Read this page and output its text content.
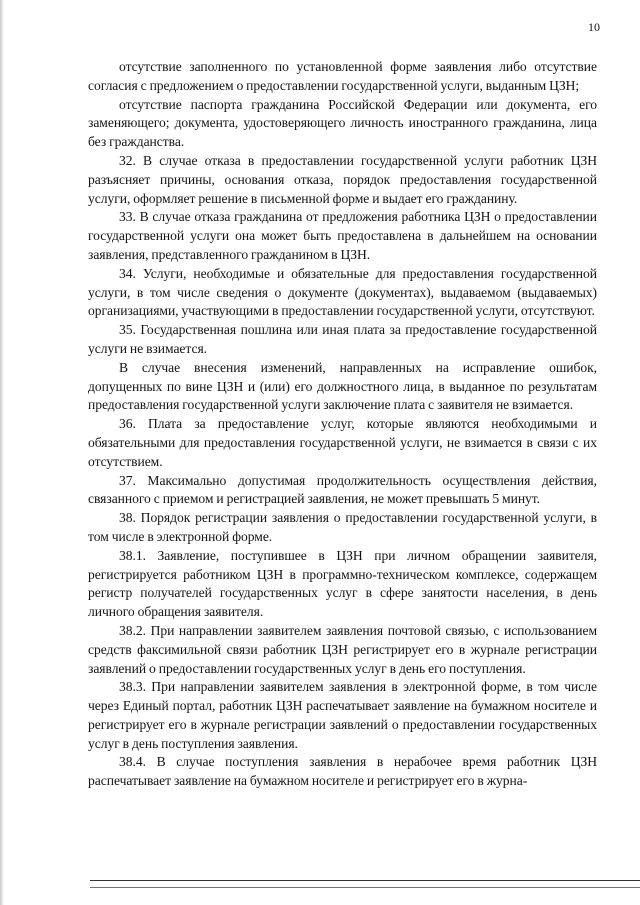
10

отсутствие заполненного по установленной форме заявления либо отсутствие согласия с предложением о предоставлении государственной услуги, выданным ЦЗН;

отсутствие паспорта гражданина Российской Федерации или документа, его заменяющего; документа, удостоверяющего личность иностранного гражданина, лица без гражданства.

32. В случае отказа в предоставлении государственной услуги работник ЦЗН разъясняет причины, основания отказа, порядок предоставления государственной услуги, оформляет решение в письменной форме и выдает его гражданину.

33. В случае отказа гражданина от предложения работника ЦЗН о предоставлении государственной услуги она может быть предоставлена в дальнейшем на основании заявления, представленного гражданином в ЦЗН.

34. Услуги, необходимые и обязательные для предоставления государственной услуги, в том числе сведения о документе (документах), выдаваемом (выдаваемых) организациями, участвующими в предоставлении государственной услуги, отсутствуют.

35. Государственная пошлина или иная плата за предоставление государственной услуги не взимается.

В случае внесения изменений, направленных на исправление ошибок, допущенных по вине ЦЗН и (или) его должностного лица, в выданное по результатам предоставления государственной услуги заключение плата с заявителя не взимается.

36. Плата за предоставление услуг, которые являются необходимыми и обязательными для предоставления государственной услуги, не взимается в связи с их отсутствием.

37. Максимально допустимая продолжительность осуществления действия, связанного с приемом и регистрацией заявления, не может превышать 5 минут.

38. Порядок регистрации заявления о предоставлении государственной услуги, в том числе в электронной форме.

38.1. Заявление, поступившее в ЦЗН при личном обращении заявителя, регистрируется работником ЦЗН в программно-техническом комплексе, содержащем регистр получателей государственных услуг в сфере занятости населения, в день личного обращения заявителя.

38.2. При направлении заявителем заявления почтовой связью, с использованием средств факсимильной связи работник ЦЗН регистрирует его в журнале регистрации заявлений о предоставлении государственных услуг в день его поступления.

38.3. При направлении заявителем заявления в электронной форме, в том числе через Единый портал, работник ЦЗН распечатывает заявление на бумажном носителе и регистрирует его в журнале регистрации заявлений о предоставлении государственных услуг в день поступления заявления.

38.4. В случае поступления заявления в нерабочее время работник ЦЗН распечатывает заявление на бумажном носителе и регистрирует его в журна-
